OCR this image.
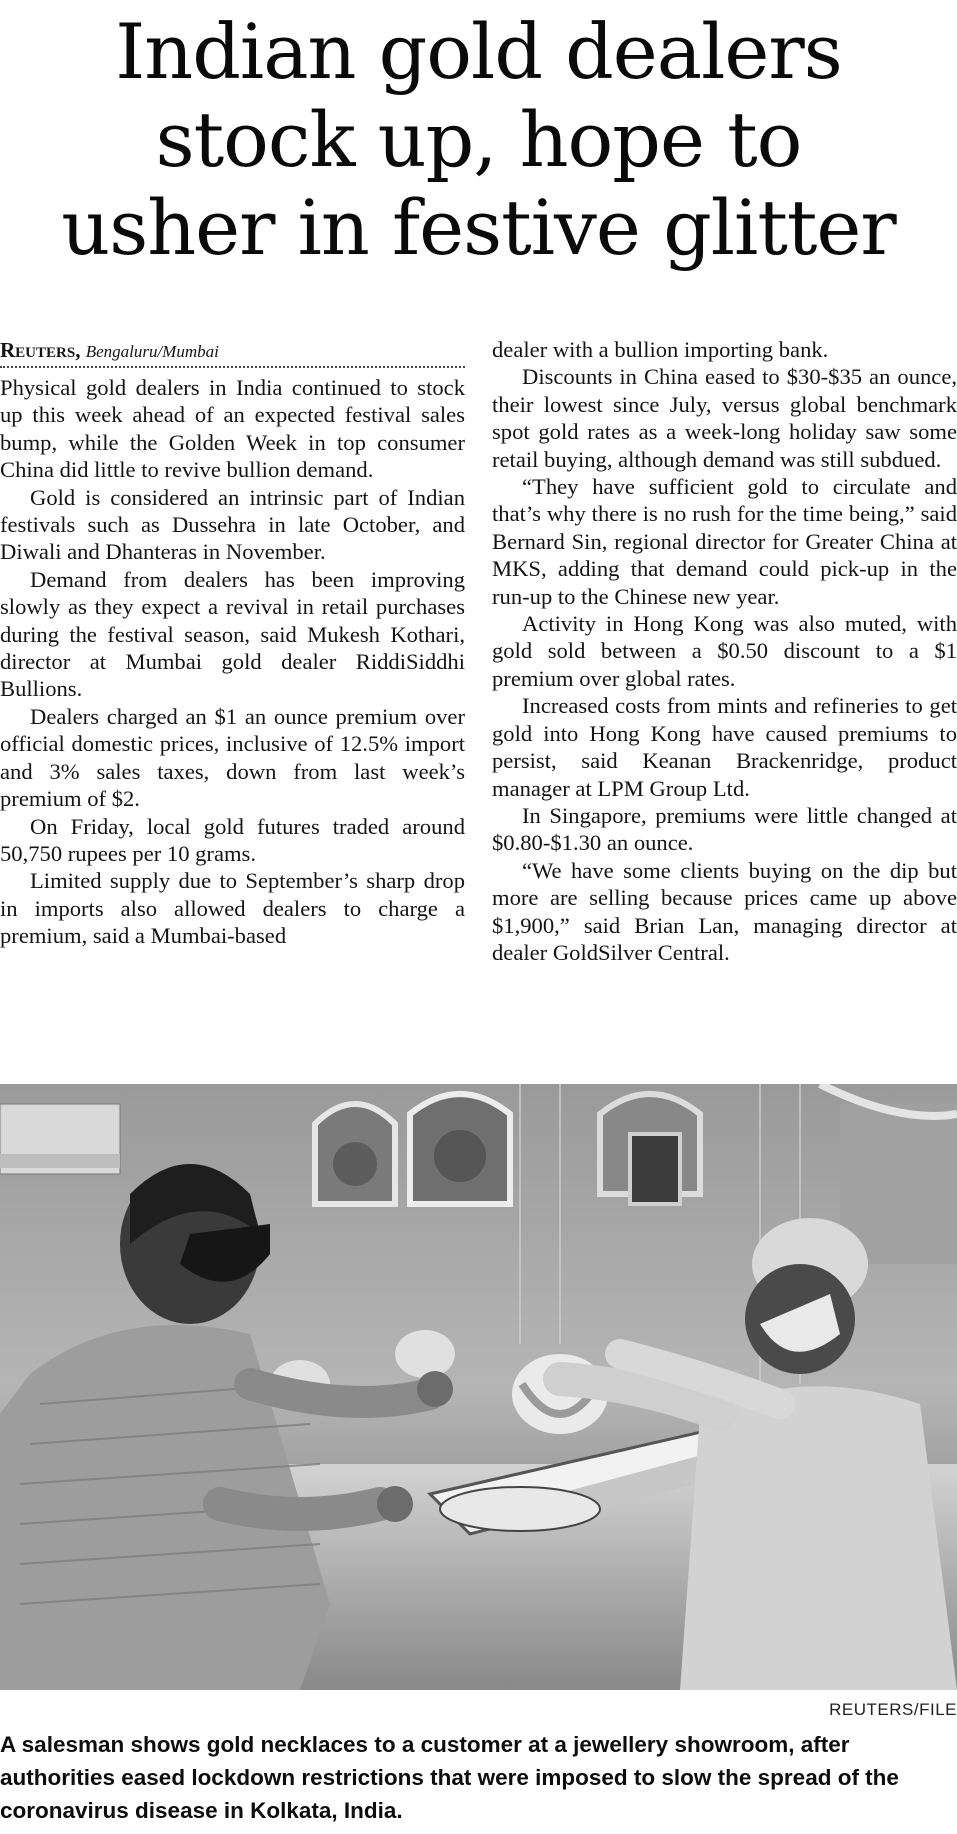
Indian gold dealers
stock up, hope to
usher in festive glitter
Reuters, Bengaluru/Mumbai

Physical gold dealers in India continued to stock up this week ahead of an expected festival sales bump, while the Golden Week in top consumer China did little to revive bullion demand.

Gold is considered an intrinsic part of Indian festivals such as Dussehra in late October, and Diwali and Dhanteras in November.

Demand from dealers has been improving slowly as they expect a revival in retail purchases during the festival season, said Mukesh Kothari, director at Mumbai gold dealer RiddiSiddhi Bullions.

Dealers charged an $1 an ounce premium over official domestic prices, inclusive of 12.5% import and 3% sales taxes, down from last week’s premium of $2.

On Friday, local gold futures traded around 50,750 rupees per 10 grams.

Limited supply due to September’s sharp drop in imports also allowed dealers to charge a premium, said a Mumbai-based

dealer with a bullion importing bank.

Discounts in China eased to $30-$35 an ounce, their lowest since July, versus global benchmark spot gold rates as a week-long holiday saw some retail buying, although demand was still subdued.

“They have sufficient gold to circulate and that’s why there is no rush for the time being,” said Bernard Sin, regional director for Greater China at MKS, adding that demand could pick-up in the run-up to the Chinese new year.

Activity in Hong Kong was also muted, with gold sold between a $0.50 discount to a $1 premium over global rates.

Increased costs from mints and refineries to get gold into Hong Kong have caused premiums to persist, said Keanan Brackenridge, product manager at LPM Group Ltd.

In Singapore, premiums were little changed at $0.80-$1.30 an ounce.

“We have some clients buying on the dip but more are selling because prices came up above $1,900,” said Brian Lan, managing director at dealer GoldSilver Central.

REUTERS/FILE
A salesman shows gold necklaces to a customer at a jewellery showroom, after authorities eased lockdown restrictions that were imposed to slow the spread of the coronavirus disease in Kolkata, India.
